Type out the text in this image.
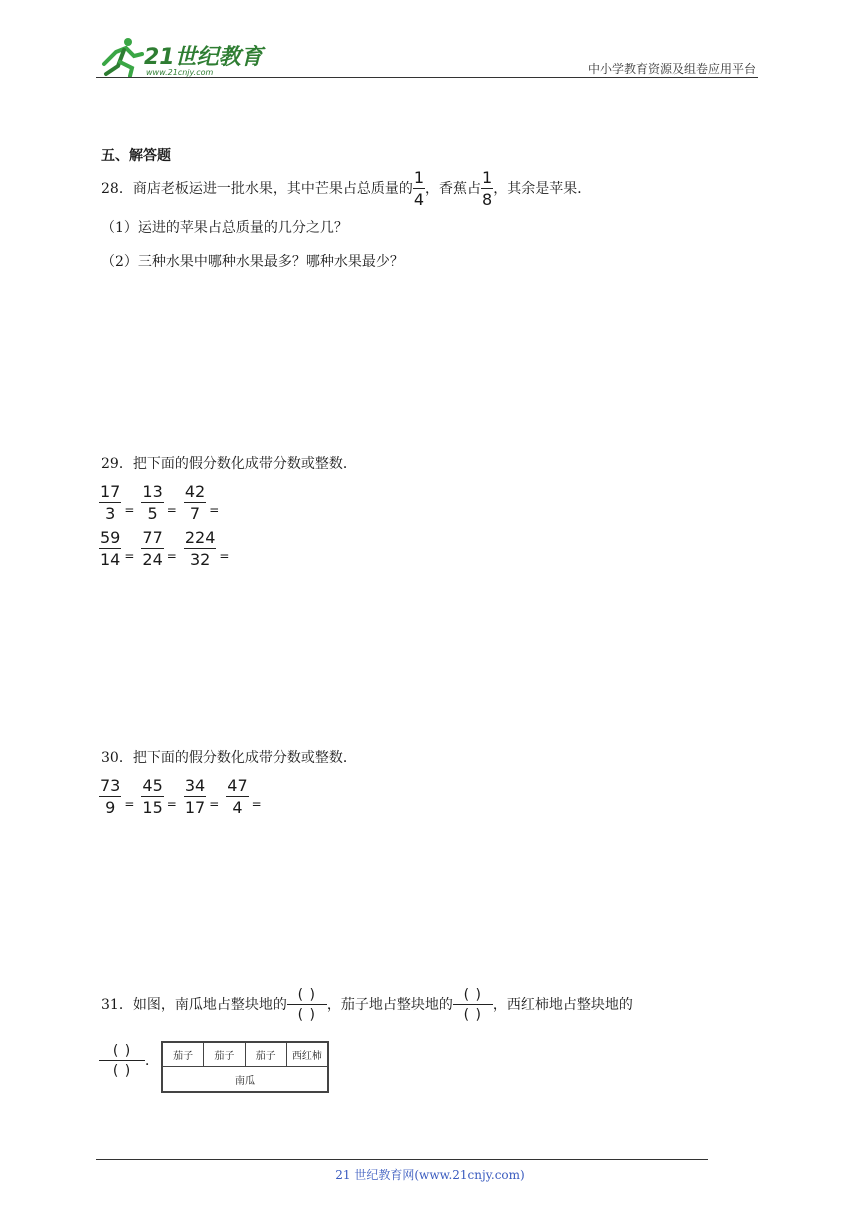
21世纪教育
www.21cnjy.com	中小学教育资源及组卷应用平台
五、解答题
28．商店老板运进一批水果，其中芒果占总质量的 $\frac{1}{4}$ ，香蕉占 $\frac{1}{8}$ ，其余是苹果．
（1）运进的苹果占总质量的几分之几？
（2）三种水果中哪种水果最多？哪种水果最少？
29．把下面的假分数化成带分数或整数．
$\frac{17}{3} = \frac{13}{5} = \frac{42}{7}$ =
$\frac{59}{14} = \frac{77}{24} = \frac{224}{32}$ =
30．把下面的假分数化成带分数或整数．
$\frac{73}{9} = \frac{45}{15} = \frac{34}{17} = \frac{47}{4}$ =
31．如图，南瓜地占整块地的 $\frac{( )}{( )}$ ，茄子地占整块地的 $\frac{( )}{( )}$ ，西红柿地占整块地的
$\frac{( )}{( )}$ ．	茄子	茄子	茄子	西红柿
南瓜
21 世纪教育网(www.21cnjy.com)
